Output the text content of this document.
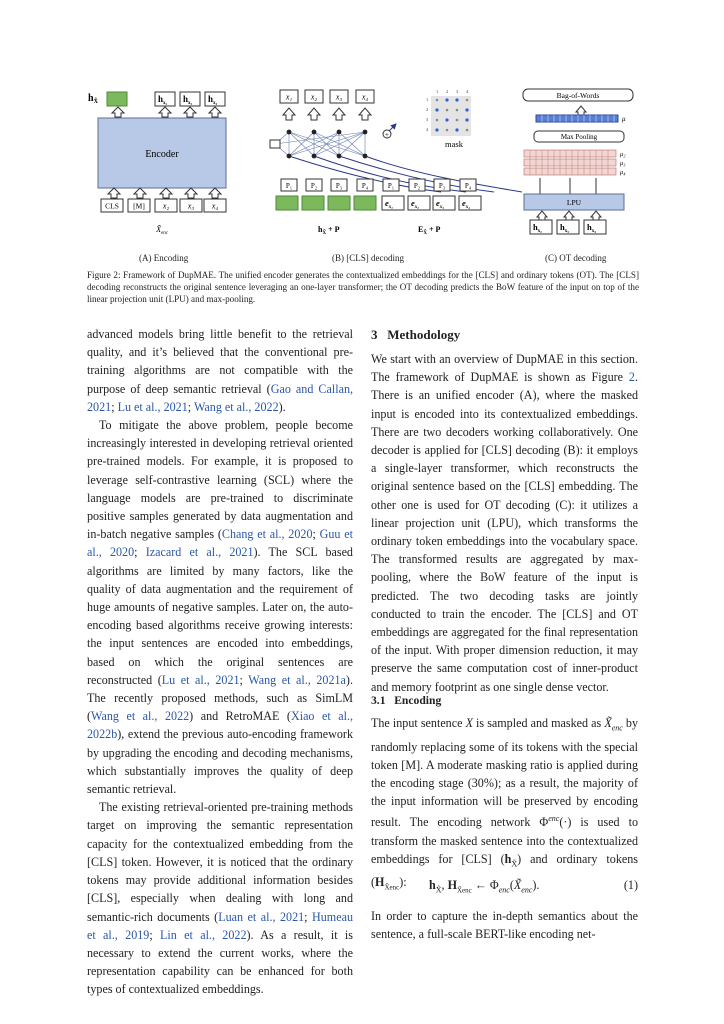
$h_{X̃}$	$h_{x_2}$ $h_{x_3}$ $h_{x_4}$
Encoder
CLS [M] x₂ x₃ x₄
$X̃_{enc}$
x₁ x₂ x₃ x₄
+
1 2 3 4
1
2
3
4
mask
P₁	P₂	P₃	P₄	P₁	P₂	P₃	P₄
$e_{x_1}$ $e_{x_2}$ $e_{x_3}$ $e_{x_4}$
$h_{X̃} + P$	$E_{X̃} + P$
Bag-of-Words
μ
Max Pooling
μ₂
μ₃
μ₄
LPU
$h_{x_2}$ $h_{x_3}$ $h_{x_4}$
(A) Encoding	(B) [CLS] decoding	(C) OT decoding
Figure 2: Framework of DupMAE. The unified encoder generates the contextualized embeddings for the [CLS] and ordinary tokens (OT). The [CLS] decoding reconstructs the original sentence leveraging an one-layer transformer; the OT decoding predicts the BoW feature of the input on top of the linear projection unit (LPU) and max-pooling.

advanced models bring little benefit to the retrieval quality, and it’s believed that the conventional pre-training algorithms are not compatible with the purpose of deep semantic retrieval (Gao and Callan, 2021; Lu et al., 2021; Wang et al., 2022).

To mitigate the above problem, people become increasingly interested in developing retrieval oriented pre-trained models. For example, it is proposed to leverage self-contrastive learning (SCL) where the language models are pre-trained to discriminate positive samples generated by data augmentation and in-batch negative samples (Chang et al., 2020; Guu et al., 2020; Izacard et al., 2021). The SCL based algorithms are limited by many factors, like the quality of data augmentation and the requirement of huge amounts of negative samples. Later on, the auto-encoding based algorithms receive growing interests: the input sentences are encoded into embeddings, based on which the original sentences are reconstructed (Lu et al., 2021; Wang et al., 2021a). The recently proposed methods, such as SimLM (Wang et al., 2022) and RetroMAE (Xiao et al., 2022b), extend the previous auto-encoding framework by upgrading the encoding and decoding mechanisms, which substantially improves the quality of deep semantic retrieval.

The existing retrieval-oriented pre-training methods target on improving the semantic representation capacity for the contextualized embedding from the [CLS] token. However, it is noticed that the ordinary tokens may provide additional information besides [CLS], especially when dealing with long and semantic-rich documents (Luan et al., 2021; Humeau et al., 2019; Lin et al., 2022). As a result, it is necessary to extend the current works, where the representation capability can be enhanced for both types of contextualized embeddings.

3 Methodology

We start with an overview of DupMAE in this section. The framework of DupMAE is shown as Figure 2. There is an unified encoder (A), where the masked input is encoded into its contextualized embeddings. There are two decoders working collaboratively. One decoder is applied for [CLS] decoding (B): it employs a single-layer transformer, which reconstructs the original sentence based on the [CLS] embedding. The other one is used for OT decoding (C): it utilizes a linear projection unit (LPU), which transforms the ordinary token embeddings into the vocabulary space. The transformed results are aggregated by max-pooling, where the BoW feature of the input is predicted. The two decoding tasks are jointly conducted to train the encoder. The [CLS] and OT embeddings are aggregated for the final representation of the input. With proper dimension reduction, it may preserve the same computation cost of inner-product and memory footprint as one single dense vector.

3.1 Encoding

The input sentence X is sampled and masked as $X̃_{enc}$ by randomly replacing some of its tokens with the special token [M]. A moderate masking ratio is applied during the encoding stage (30%); as a result, the majority of the input information will be preserved by encoding result. The encoding network $\Phi^{enc}(\cdot)$ is used to transform the masked sentence into the contextualized embeddings for [CLS] $(h_{X̃})$ and ordinary tokens $(H_{X̃enc})$:	$h_{X̃}$, $H_{X̃enc}$ ← $\Phi_{enc}(X̃_{enc})$.	(1)

In order to capture the in-depth semantics about the sentence, a full-scale BERT-like encoding net-
